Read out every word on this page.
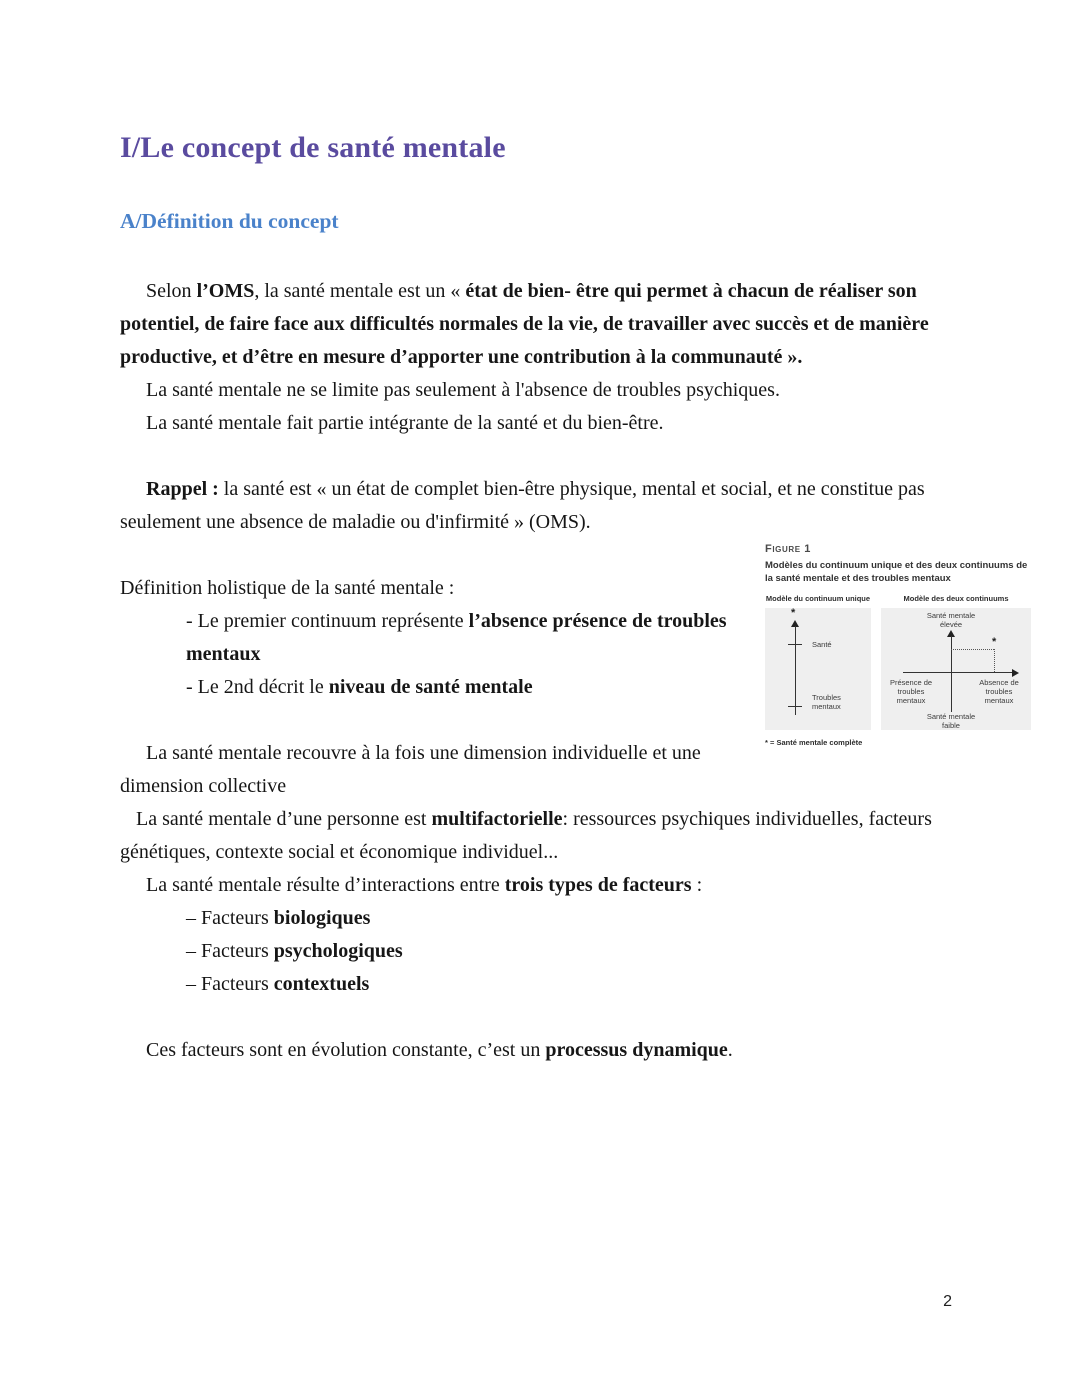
I/Le concept de santé mentale
A/Définition du concept

Selon l’OMS, la santé mentale est un « état de bien- être qui permet à chacun de réaliser son potentiel, de faire face aux difficultés normales de la vie, de travailler avec succès et de manière productive, et d’être en mesure d’apporter une contribution à la communauté ».

La santé mentale ne se limite pas seulement à l'absence de troubles psychiques.

La santé mentale fait partie intégrante de la santé et du bien-être.

Rappel : la santé est « un état de complet bien-être physique, mental et social, et ne constitue pas seulement une absence de maladie ou d'infirmité » (OMS).

Figure 1
Modèles du continuum unique et des deux continuums de la santé mentale et des troubles mentaux
Modèle du continuum unique
*
Santé
Troubles mentaux
Modèle des deux continuums
Santé mentale élevée
*
Présence de troubles mentaux
Absence de troubles mentaux
Santé mentale faible
* = Santé mentale complète

Définition holistique de la santé mentale :

- Le premier continuum représente l’absence présence de troubles mentaux

- Le 2nd décrit le niveau de santé mentale

La santé mentale recouvre à la fois une dimension individuelle et une dimension collective

La santé mentale d’une personne est multifactorielle: ressources psychiques individuelles, facteurs génétiques, contexte social et économique individuel...

La santé mentale résulte d’interactions entre trois types de facteurs :

– Facteurs biologiques

– Facteurs psychologiques

– Facteurs contextuels

Ces facteurs sont en évolution constante, c’est un processus dynamique.

2
